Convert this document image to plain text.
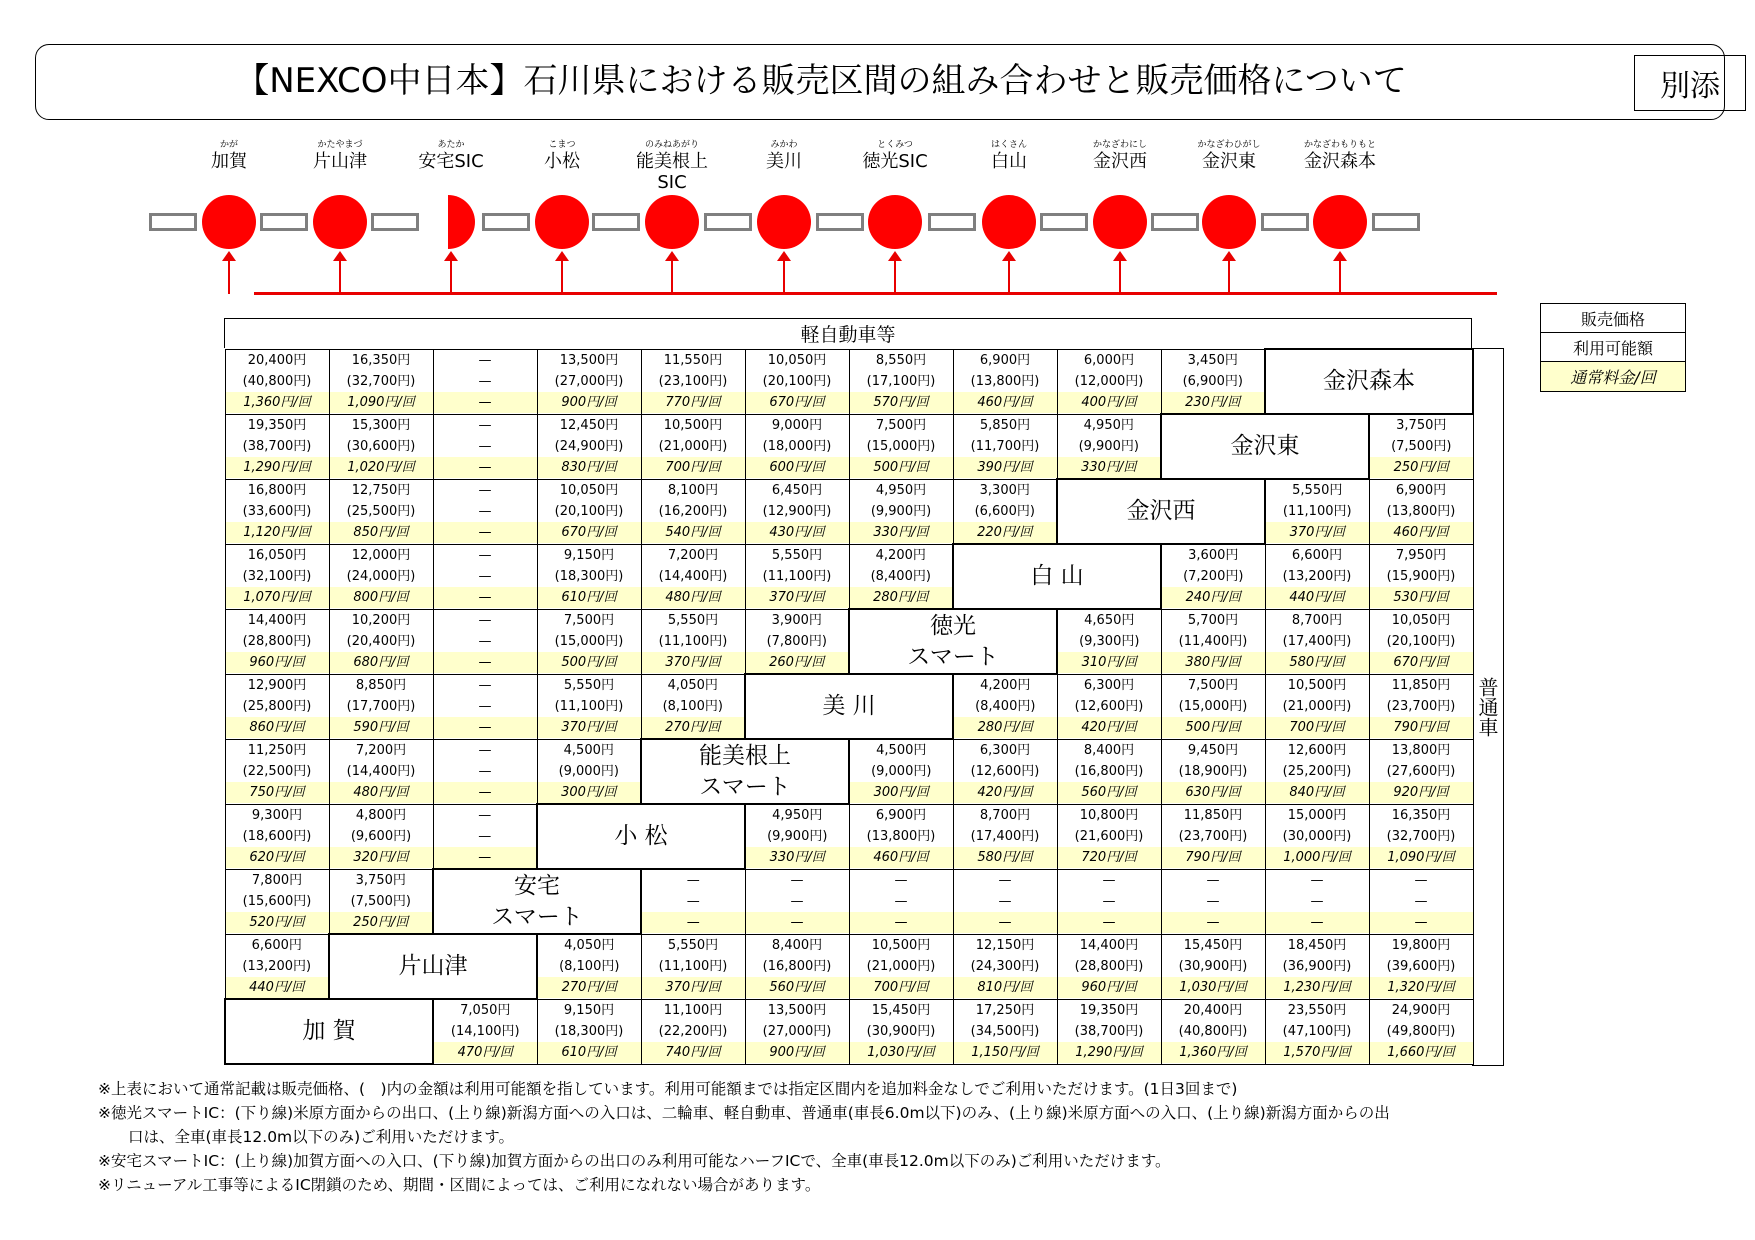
【NEXCO中日本】石川県における販売区間の組み合わせと販売価格について	別添
かが
加賀
かたやまづ
片山津
あたか
安宅SIC
こまつ
小松
のみねあがり
能美根上
SIC
みかわ
美川
とくみつ
徳光SIC
はくさん
白山
かなざわにし
金沢西
かなざわひがし
金沢東
かなざわもりもと
金沢森本
販売価格
利用可能額
通常料金/回
軽自動車等
普通車
20,400円
(40,800円)
1,360円/回	16,350円
(32,700円)
1,090円/回	—
—
—	13,500円
(27,000円)
900円/回	11,550円
(23,100円)
770円/回	10,050円
(20,100円)
670円/回	8,550円
(17,100円)
570円/回	6,900円
(13,800円)
460円/回	6,000円
(12,000円)
400円/回	3,450円
(6,900円)
230円/回	金沢森本	

19,350円
(38,700円)
1,290円/回	15,300円
(30,600円)
1,020円/回	—
—
—	12,450円
(24,900円)
830円/回	10,500円
(21,000円)
700円/回	9,000円
(18,000円)
600円/回	7,500円
(15,000円)
500円/回	5,850円
(11,700円)
390円/回	4,950円
(9,900円)
330円/回	金沢東		3,750円
(7,500円)
250円/回

16,800円
(33,600円)
1,120円/回	12,750円
(25,500円)
850円/回	—
—
—	10,050円
(20,100円)
670円/回	8,100円
(16,200円)
540円/回	6,450円
(12,900円)
430円/回	4,950円
(9,900円)
330円/回	3,300円
(6,600円)
220円/回	金沢西		5,550円
(11,100円)
370円/回	6,900円
(13,800円)
460円/回

16,050円
(32,100円)
1,070円/回	12,000円
(24,000円)
800円/回	—
—
—	9,150円
(18,300円)
610円/回	7,200円
(14,400円)
480円/回	5,550円
(11,100円)
370円/回	4,200円
(8,400円)
280円/回	白 山		3,600円
(7,200円)
240円/回	6,600円
(13,200円)
440円/回	7,950円
(15,900円)
530円/回

14,400円
(28,800円)
960円/回	10,200円
(20,400円)
680円/回	—
—
—	7,500円
(15,000円)
500円/回	5,550円
(11,100円)
370円/回	3,900円
(7,800円)
260円/回	徳光
スマート		4,650円
(9,300円)
310円/回	5,700円
(11,400円)
380円/回	8,700円
(17,400円)
580円/回	10,050円
(20,100円)
670円/回

12,900円
(25,800円)
860円/回	8,850円
(17,700円)
590円/回	—
—
—	5,550円
(11,100円)
370円/回	4,050円
(8,100円)
270円/回	美 川		4,200円
(8,400円)
280円/回	6,300円
(12,600円)
420円/回	7,500円
(15,000円)
500円/回	10,500円
(21,000円)
700円/回	11,850円
(23,700円)
790円/回

11,250円
(22,500円)
750円/回	7,200円
(14,400円)
480円/回	—
—
—	4,500円
(9,000円)
300円/回	能美根上
スマート		4,500円
(9,000円)
300円/回	6,300円
(12,600円)
420円/回	8,400円
(16,800円)
560円/回	9,450円
(18,900円)
630円/回	12,600円
(25,200円)
840円/回	13,800円
(27,600円)
920円/回

9,300円
(18,600円)
620円/回	4,800円
(9,600円)
320円/回	—
—
—	小 松		4,950円
(9,900円)
330円/回	6,900円
(13,800円)
460円/回	8,700円
(17,400円)
580円/回	10,800円
(21,600円)
720円/回	11,850円
(23,700円)
790円/回	15,000円
(30,000円)
1,000円/回	16,350円
(32,700円)
1,090円/回

7,800円
(15,600円)
520円/回	3,750円
(7,500円)
250円/回	安宅
スマート		—
—
—	—
—
—	—
—
—	—
—
—	—
—
—	—
—
—	—
—
—	—
—
—

6,600円
(13,200円)
440円/回	片山津		4,050円
(8,100円)
270円/回	5,550円
(11,100円)
370円/回	8,400円
(16,800円)
560円/回	10,500円
(21,000円)
700円/回	12,150円
(24,300円)
810円/回	14,400円
(28,800円)
960円/回	15,450円
(30,900円)
1,030円/回	18,450円
(36,900円)
1,230円/回	19,800円
(39,600円)
1,320円/回

加 賀		7,050円
(14,100円)
470円/回	9,150円
(18,300円)
610円/回	11,100円
(22,200円)
740円/回	13,500円
(27,000円)
900円/回	15,450円
(30,900円)
1,030円/回	17,250円
(34,500円)
1,150円/回	19,350円
(38,700円)
1,290円/回	20,400円
(40,800円)
1,360円/回	23,550円
(47,100円)
1,570円/回	24,900円
(49,800円)
1,660円/回

※上表において通常記載は販売価格、(　)内の金額は利用可能額を指しています。利用可能額までは指定区間内を追加料金なしでご利用いただけます。(1日3回まで)

※徳光スマートIC：(下り線)米原方面からの出口、(上り線)新潟方面への入口は、二輪車、軽自動車、普通車(車長6.0m以下)のみ、(上り線)米原方面への入口、(上り線)新潟方面からの出

口は、全車(車長12.0m以下のみ)ご利用いただけます。

※安宅スマートIC：(上り線)加賀方面への入口、(下り線)加賀方面からの出口のみ利用可能なハーフICで、全車(車長12.0m以下のみ)ご利用いただけます。

※リニューアル工事等によるIC閉鎖のため、期間・区間によっては、ご利用になれない場合があります。
